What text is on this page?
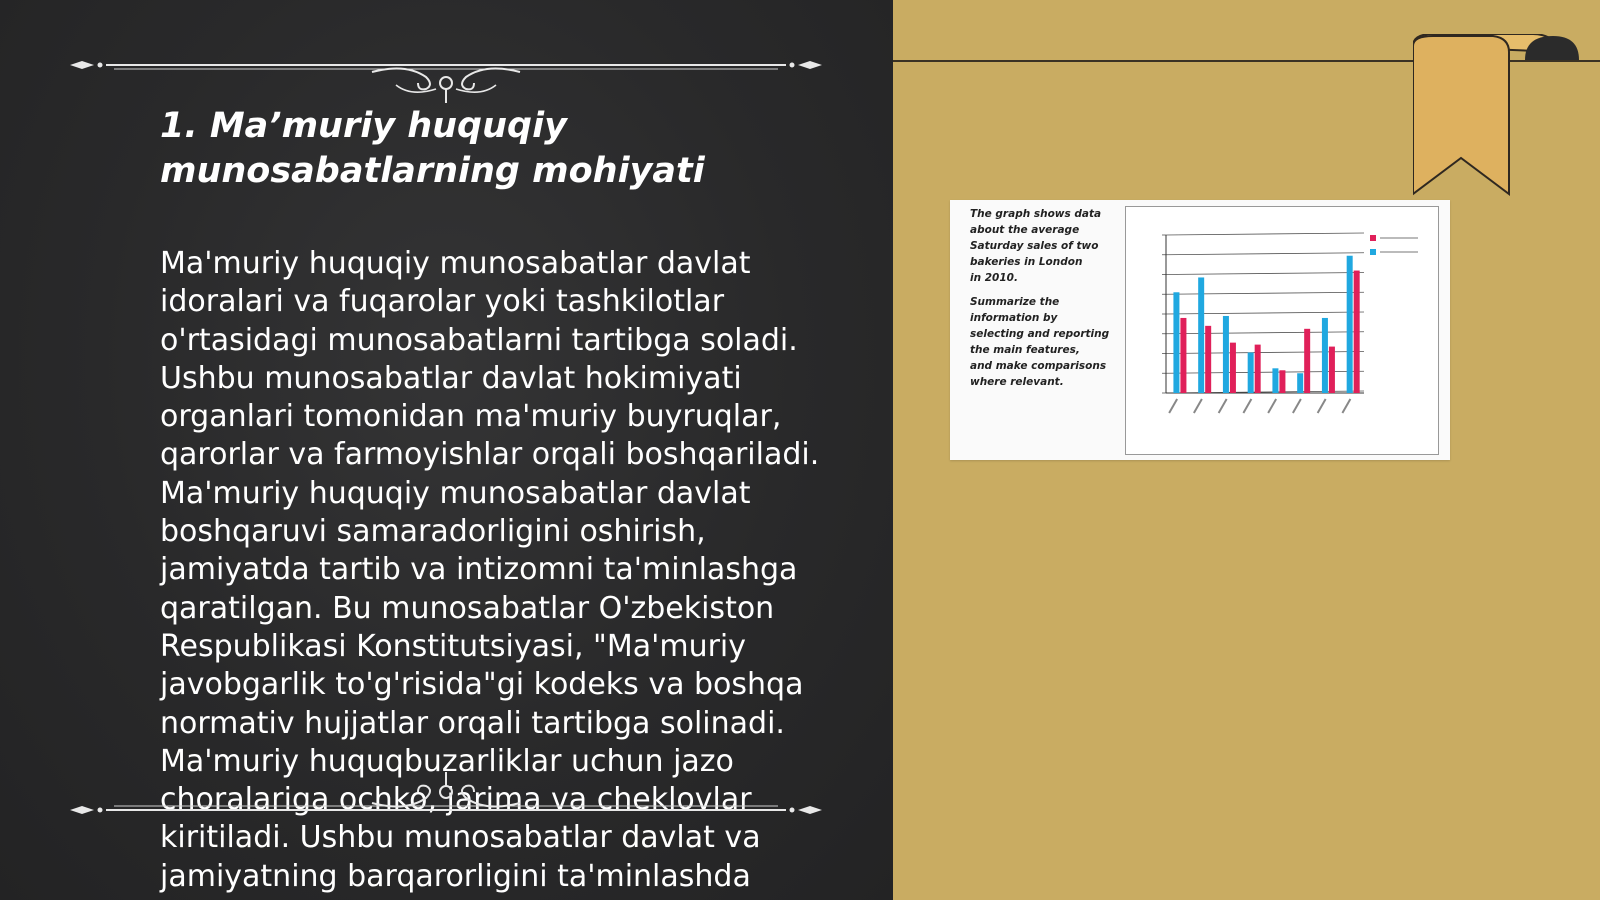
1. Ma’muriy huquqiy munosabatlarning mohiyati

Ma'muriy huquqiy munosabatlar davlat idoralari va fuqarolar yoki tashkilotlar o'rtasidagi munosabatlarni tartibga soladi. Ushbu munosabatlar davlat hokimiyati organlari tomonidan ma'muriy buyruqlar, qarorlar va farmoyishlar orqali boshqariladi. Ma'muriy huquqiy munosabatlar davlat boshqaruvi samaradorligini oshirish, jamiyatda tartib va intizomni ta'minlashga qaratilgan. Bu munosabatlar O'zbekiston Respublikasi Konstitutsiyasi, "Ma'muriy javobgarlik to'g'risida"gi kodeks va boshqa normativ hujjatlar orqali tartibga solinadi. Ma'muriy huquqbuzarliklar uchun jazo choralariga ochko, jarima va cheklovlar kiritiladi. Ushbu munosabatlar davlat va jamiyatning barqarorligini ta'minlashda

The graph shows data
about the average
Saturday sales of two
bakeries in London
in 2010.

Summarize the
information by
selecting and reporting
the main features,
and make comparisons
where relevant.
